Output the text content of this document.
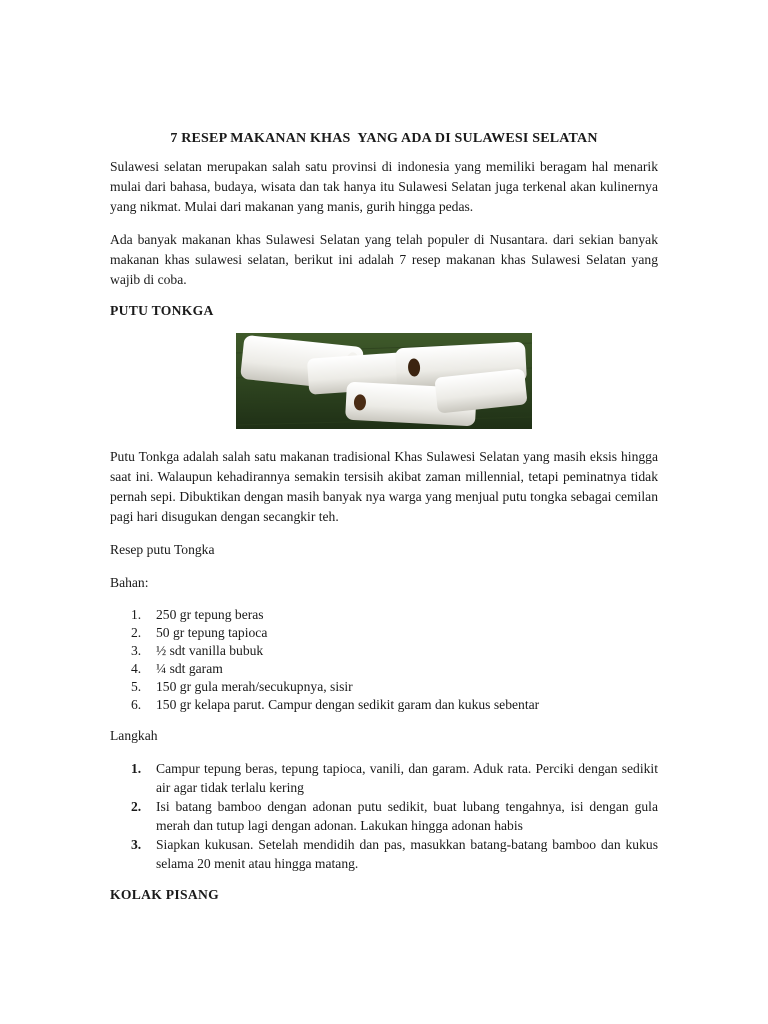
7 RESEP MAKANAN KHAS  YANG ADA DI SULAWESI SELATAN

Sulawesi selatan merupakan salah satu provinsi di indonesia yang memiliki beragam hal menarik mulai dari bahasa, budaya, wisata dan tak hanya itu Sulawesi Selatan juga terkenal akan kulinernya yang nikmat. Mulai dari makanan yang manis, gurih hingga pedas.

Ada banyak makanan khas Sulawesi Selatan yang telah populer di Nusantara. dari sekian banyak makanan khas sulawesi selatan, berikut ini adalah 7 resep makanan khas Sulawesi Selatan yang wajib di coba.

PUTU TONKGA

Putu Tonkga adalah salah satu makanan tradisional Khas Sulawesi Selatan yang masih eksis hingga saat ini. Walaupun kehadirannya semakin tersisih akibat zaman millennial, tetapi peminatnya tidak pernah sepi. Dibuktikan dengan masih banyak nya warga yang menjual putu tongka sebagai cemilan pagi hari disugukan dengan secangkir teh.

Resep putu Tongka
Bahan:
1.	250 gr tepung beras
2.	50 gr tepung tapioca
3.	½ sdt vanilla bubuk
4.	¼ sdt garam
5.	150 gr gula merah/secukupnya, sisir
6.	150 gr kelapa parut. Campur dengan sedikit garam dan kukus sebentar
Langkah
1.	Campur tepung beras, tepung tapioca, vanili, dan garam. Aduk rata. Perciki dengan sedikit air agar tidak terlalu kering
2.	Isi batang bamboo dengan adonan putu sedikit, buat lubang tengahnya, isi dengan gula merah dan tutup lagi dengan adonan. Lakukan hingga adonan habis
3.	Siapkan kukusan. Setelah mendidih dan pas, masukkan batang-batang bamboo dan kukus selama 20 menit atau hingga matang.
KOLAK PISANG
